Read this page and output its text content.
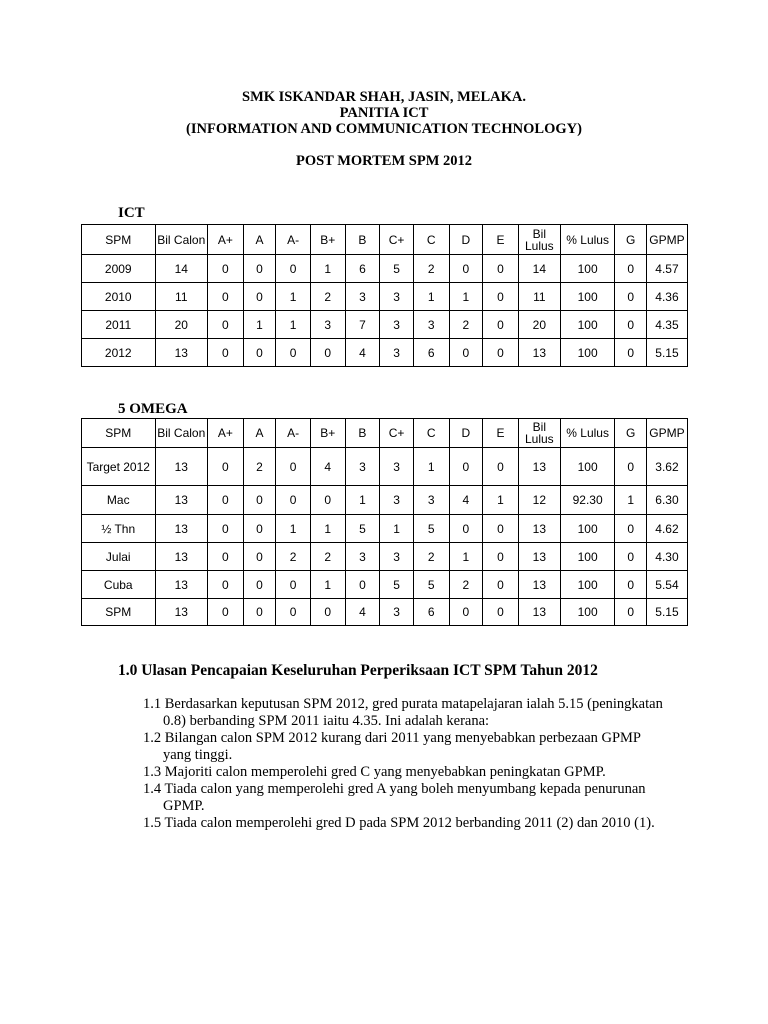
SMK ISKANDAR SHAH, JASIN, MELAKA.
PANITIA ICT
(INFORMATION AND COMMUNICATION TECHNOLOGY)
POST MORTEM SPM 2012
ICT
SPM	Bil Calon	A+	A	A-	B+	B	C+	C	D	E	Bil Lulus	% Lulus	G	GPMP
2009	14	0	0	0	1	6	5	2	0	0	14	100	0	4.57
2010	11	0	0	1	2	3	3	1	1	0	11	100	0	4.36
2011	20	0	1	1	3	7	3	3	2	0	20	100	0	4.35
2012	13	0	0	0	0	4	3	6	0	0	13	100	0	5.15
5 OMEGA
SPM	Bil Calon	A+	A	A-	B+	B	C+	C	D	E	Bil Lulus	% Lulus	G	GPMP
Target 2012	13	0	2	0	4	3	3	1	0	0	13	100	0	3.62
Mac	13	0	0	0	0	1	3	3	4	1	12	92.30	1	6.30
½ Thn	13	0	0	1	1	5	1	5	0	0	13	100	0	4.62
Julai	13	0	0	2	2	3	3	2	1	0	13	100	0	4.30
Cuba	13	0	0	0	1	0	5	5	2	0	13	100	0	5.54
SPM	13	0	0	0	0	4	3	6	0	0	13	100	0	5.15
1.0 Ulasan Pencapaian Keseluruhan Perperiksaan ICT SPM Tahun 2012
1.1 Berdasarkan keputusan SPM 2012, gred purata matapelajaran ialah 5.15 (peningkatan 0.8) berbanding SPM 2011 iaitu 4.35. Ini adalah kerana:
1.2 Bilangan calon SPM 2012 kurang dari 2011 yang menyebabkan perbezaan GPMP yang tinggi.
1.3 Majoriti calon memperolehi gred C yang menyebabkan peningkatan GPMP.
1.4 Tiada calon yang memperolehi gred A yang boleh menyumbang kepada penurunan GPMP.
1.5 Tiada calon memperolehi gred D pada SPM 2012 berbanding 2011 (2) dan 2010 (1).
